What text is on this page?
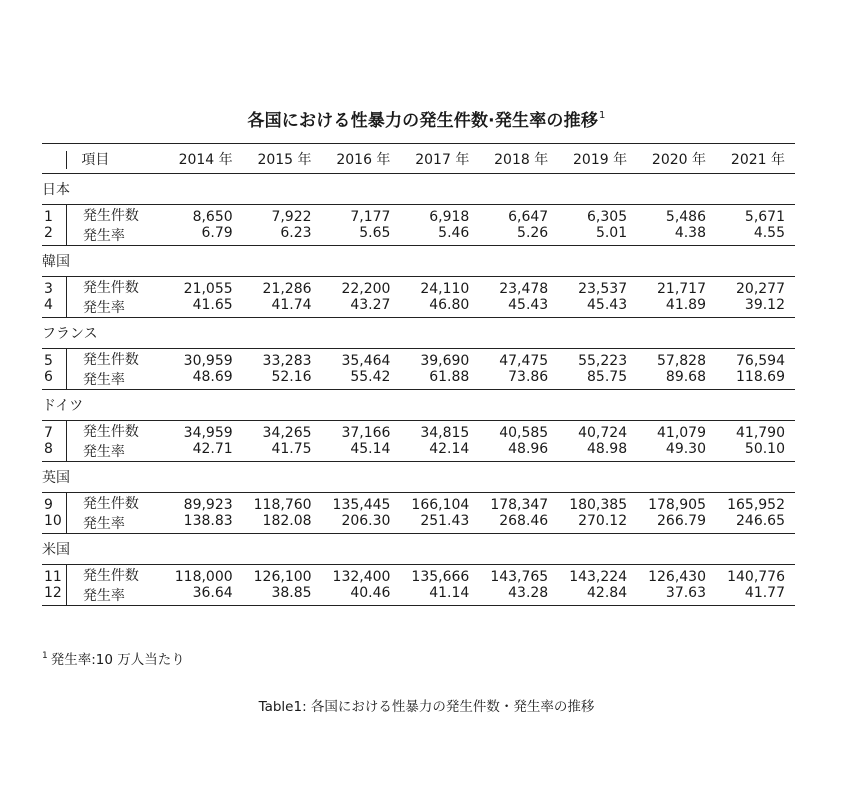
各国における性暴力の発生件数·発生率の推移$^1$
	項目	2014 年	2015 年	2016 年	2017 年	2018 年	2019 年	2020 年	2021 年
日本									
1	発生件数	8,650	7,922	7,177	6,918	6,647	6,305	5,486	5,671
2	発生率	6.79	6.23	5.65	5.46	5.26	5.01	4.38	4.55
韓国									
3	発生件数	21,055	21,286	22,200	24,110	23,478	23,537	21,717	20,277
4	発生率	41.65	41.74	43.27	46.80	45.43	45.43	41.89	39.12
フランス									
5	発生件数	30,959	33,283	35,464	39,690	47,475	55,223	57,828	76,594
6	発生率	48.69	52.16	55.42	61.88	73.86	85.75	89.68	118.69
ドイツ									
7	発生件数	34,959	34,265	37,166	34,815	40,585	40,724	41,079	41,790
8	発生率	42.71	41.75	45.14	42.14	48.96	48.98	49.30	50.10
英国									
9	発生件数	89,923	118,760	135,445	166,104	178,347	180,385	178,905	165,952
10	発生率	138.83	182.08	206.30	251.43	268.46	270.12	266.79	246.65
米国									
11	発生件数	118,000	126,100	132,400	135,666	143,765	143,224	126,430	140,776
12	発生率	36.64	38.85	40.46	41.14	43.28	42.84	37.63	41.77
$^1$ 発生率:10 万人当たり
Table1: 各国における性暴力の発生件数・発生率の推移
